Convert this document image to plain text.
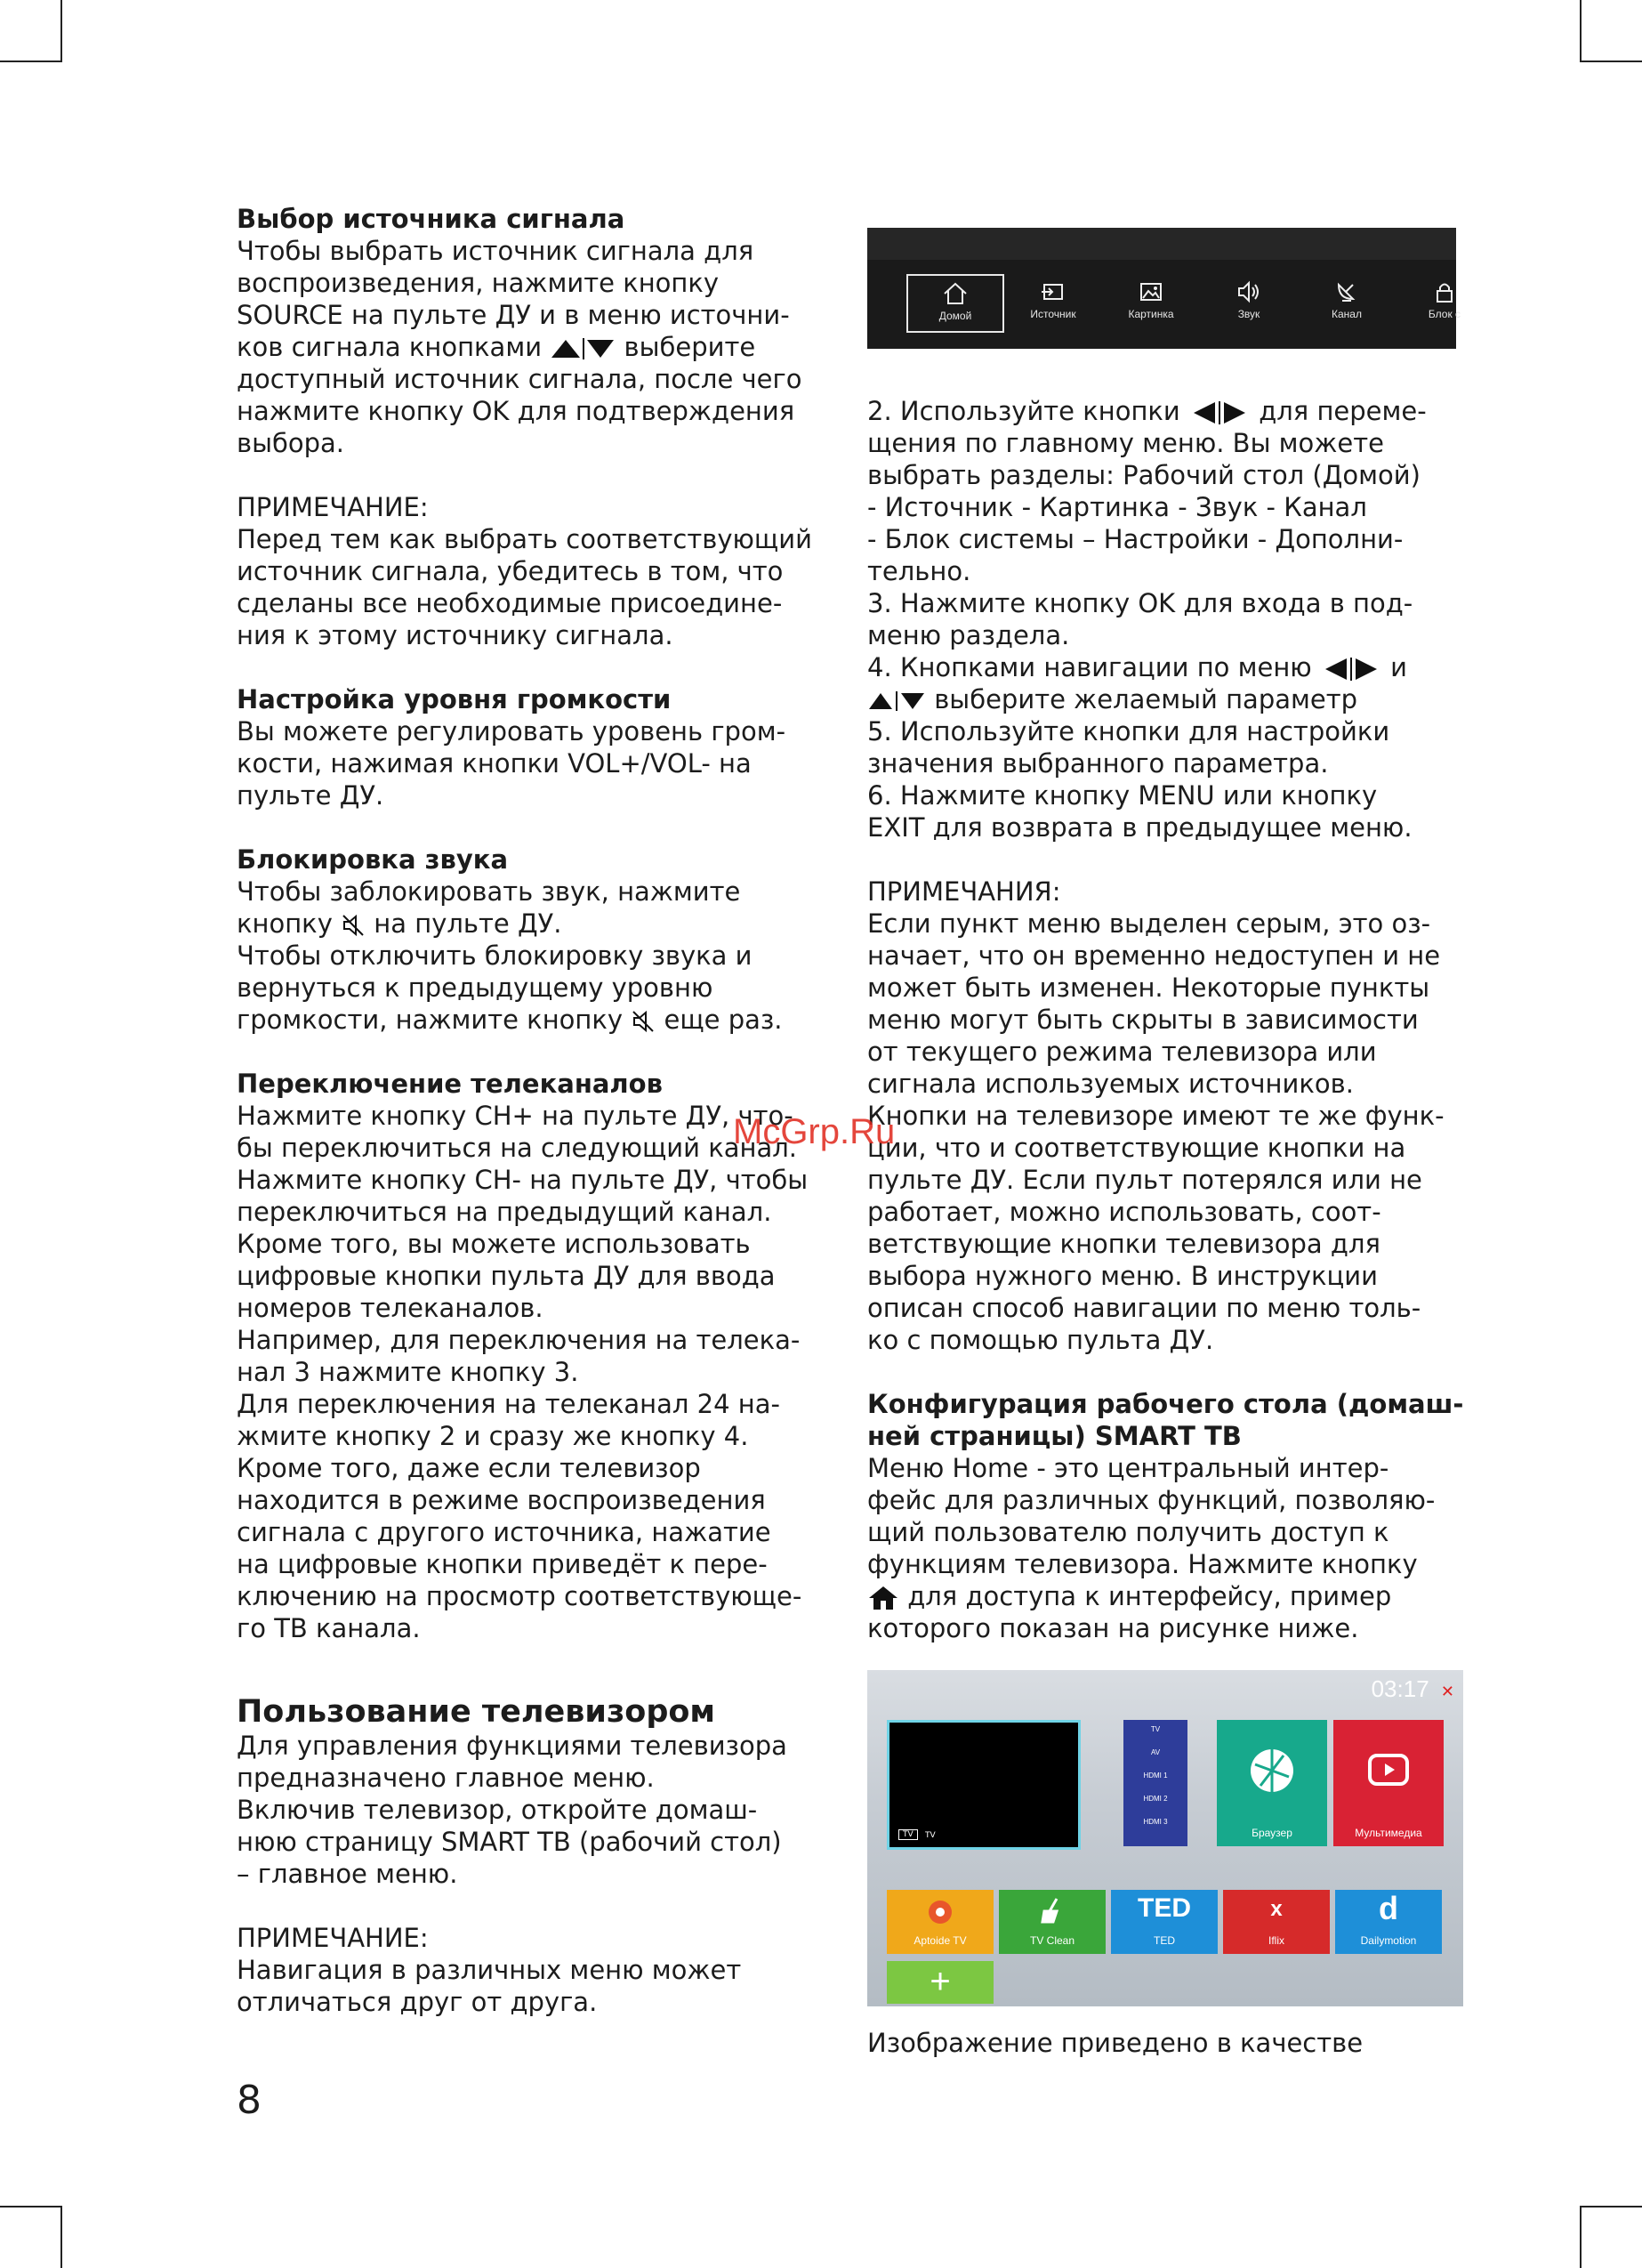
Выбор источника сигнала

Чтобы выбрать источник сигнала для
воспроизведения, нажмите кнопку
SOURCE на пульте ДУ и в меню источни-
ков сигнала кнопками	выберите

доступный источник сигнала, после чего
нажмите кнопку OK для подтверждения
выбора.

ПРИМЕЧАНИЕ:

Перед тем как выбрать соответствующий
источник сигнала, убедитесь в том, что
сделаны все необходимые присоедине-
ния к этому источнику сигнала.

Настройка уровня громкости

Вы можете регулировать уровень гром-
кости, нажимая кнопки VOL+/VOL- на
пульте ДУ.

Блокировка звука

Чтобы заблокировать звук, нажмите

кнопку  на пульте ДУ.

Чтобы отключить блокировку звука и
вернуться к предыдущему уровню

громкости, нажмите кнопку  еще раз.

Переключение телеканалов

Нажмите кнопку CH+ на пульте ДУ, что-
бы переключиться на следующий канал.
Нажмите кнопку CH- на пульте ДУ, чтобы
переключиться на предыдущий канал.
Кроме того, вы можете использовать
цифровые кнопки пульта ДУ для ввода
номеров телеканалов.
Например, для переключения на телека-
нал 3 нажмите кнопку 3.
Для переключения на телеканал 24 на-
жмите кнопку 2 и сразу же кнопку 4.
Кроме того, даже если телевизор
находится в режиме воспроизведения
сигнала с другого источника, нажатие
на цифровые кнопки приведёт к пере-
ключению на просмотр соответствующе-
го ТВ канала.

Пользование телевизором

Для управления функциями телевизора
предназначено главное меню.
Включив телевизор, откройте домаш-
нюю страницу SMART ТВ (рабочий стол)
– главное меню.

ПРИМЕЧАНИЕ:

Навигация в различных меню может
отличаться друг от друга.

Домой	Источник	Картинка	Звук	Канал	Блок с

2. Используйте кнопки  для переме-

щения по главному меню. Вы можете
выбрать разделы: Рабочий стол (Домой)
- Источник - Картинка - Звук - Канал
- Блок системы – Настройки - Дополни-
тельно.
3. Нажмите кнопку OK для входа в под-
меню раздела.

4. Кнопками навигации по меню  и

выберите желаемый параметр

5. Используйте кнопки для настройки
значения выбранного параметра.
6. Нажмите кнопку MENU или кнопку
EXIT для возврата в предыдущее меню.

ПРИМЕЧАНИЯ:

Если пункт меню выделен серым, это оз-
начает, что он временно недоступен и не
может быть изменен. Некоторые пункты
меню могут быть скрыты в зависимости
от текущего режима телевизора или
сигнала используемых источников.
Кнопки на телевизоре имеют те же функ-
ции, что и соответствующие кнопки на
пульте ДУ. Если пульт потерялся или не
работает, можно использовать, соот-
ветствующие кнопки телевизора для
выбора нужного меню. В инструкции
описан способ навигации по меню толь-
ко с помощью пульта ДУ.

Конфигурация рабочего стола (домаш-
ней страницы) SMART ТВ

Меню Home - это центральный интер-
фейс для различных функций, позволяю-
щий пользователю получить доступ к
функциям телевизора. Нажмите кнопку

для доступа к интерфейсу, пример

которого показан на рисунке ниже.

03:17 ✕
TV	TV
TV
AV
HDMI 1
HDMI 2
HDMI 3
Браузер	Мультимедиа
Aptoide TV	TV Clean
TED
TED
x
Iflix
d
Dailymotion
+

Изображение приведено в качестве

8
McGrp.Ru
